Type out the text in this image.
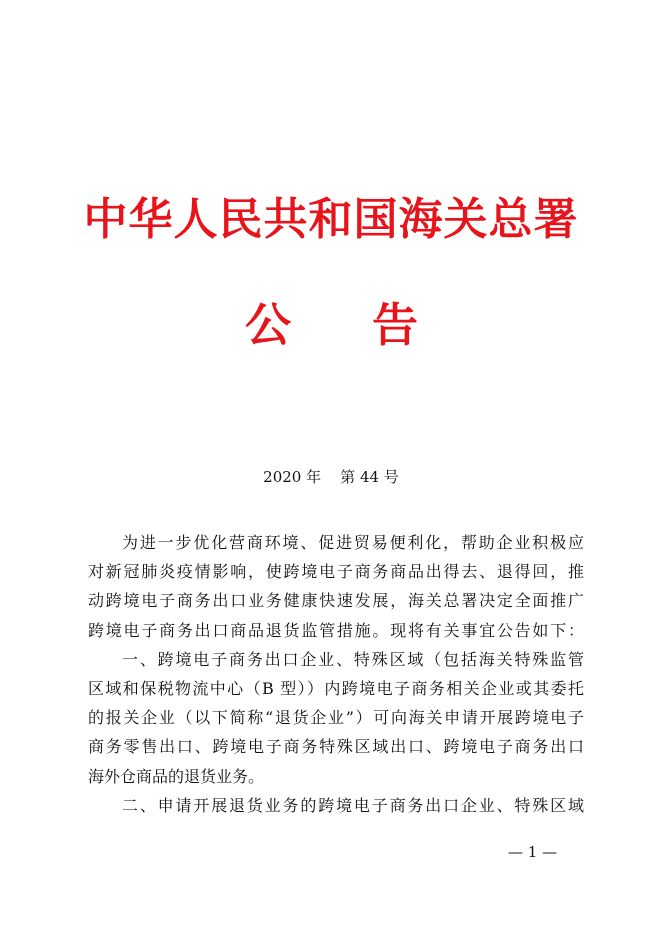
中华人民共和国海关总署
公 告
2020 年    第 44 号
为进一步优化营商环境、促进贸易便利化，帮助企业积极应
对新冠肺炎疫情影响，使跨境电子商务商品出得去、退得回，推
动跨境电子商务出口业务健康快速发展，海关总署决定全面推广
跨境电子商务出口商品退货监管措施。现将有关事宜公告如下：
一、跨境电子商务出口企业、特殊区域（包括海关特殊监管
区域和保税物流中心（B 型））内跨境电子商务相关企业或其委托
的报关企业（以下简称“退货企业”）可向海关申请开展跨境电子
商务零售出口、跨境电子商务特殊区域出口、跨境电子商务出口
海外仓商品的退货业务。
二、申请开展退货业务的跨境电子商务出口企业、特殊区域
— 1 —
